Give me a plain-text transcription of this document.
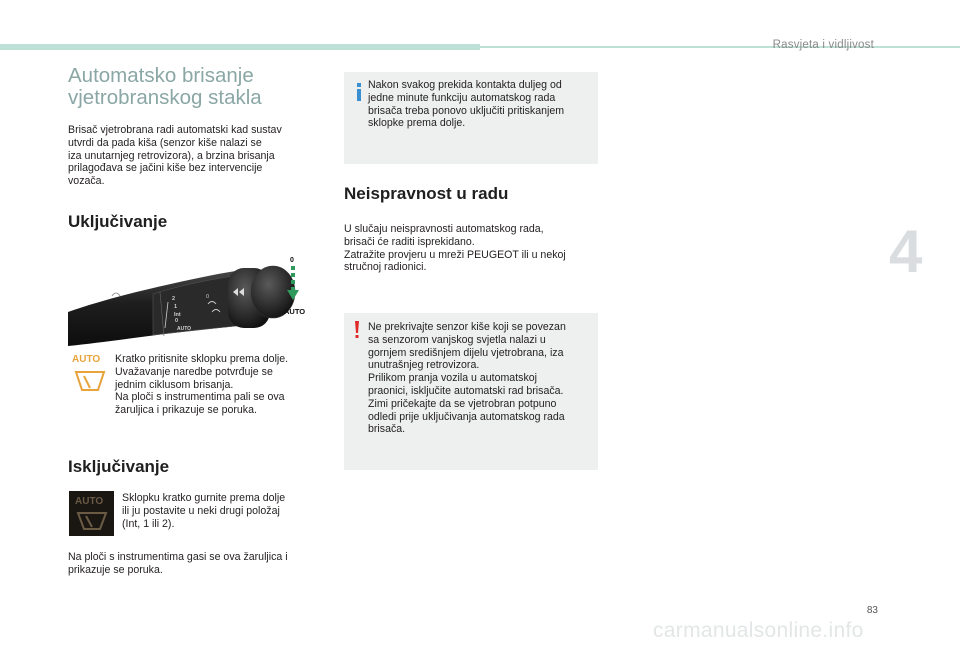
Rasvjeta i vidljivost
4
Automatsko brisanje
vjetrobranskog stakla

Brisač vjetrobrana radi automatski kad sustav
utvrdi da pada kiša (senzor kiše nalazi se
iza unutarnjeg retrovizora), a brzina brisanja
prilagođava se jačini kiše bez intervencije
vozača.

Uključivanje
2
1
Int
0
AUTO
0
0
AUTO
AUTO Kratko pritisnite sklopku prema dolje.
Uvažavanje naredbe potvrđuje se
jednim ciklusom brisanja.
Na ploči s instrumentima pali se ova
žaruljica i prikazuje se poruka.

Isključivanje
AUTO Sklopku kratko gurnite prema dolje
ili ju postavite u neki drugi položaj
(Int, 1 ili 2).

Na ploči s instrumentima gasi se ova žaruljica i
prikazuje se poruka.

Nakon svakog prekida kontakta duljeg od
jedne minute funkciju automatskog rada
brisača treba ponovo uključiti pritiskanjem
sklopke prema dolje.

Neispravnost u radu

U slučaju neispravnosti automatskog rada,
brisači će raditi isprekidano.
Zatražite provjeru u mreži PEUGEOT ili u nekoj
stručnoj radionici.

Ne prekrivajte senzor kiše koji se povezan
sa senzorom vanjskog svjetla nalazi u
gornjem središnjem dijelu vjetrobrana, iza
unutrašnjeg retrovizora.
Prilikom pranja vozila u automatskoj
praonici, isključite automatski rad brisača.
Zimi pričekajte da se vjetrobran potpuno
odledi prije uključivanja automatskog rada
brisača.

83
carmanualsonline.info
